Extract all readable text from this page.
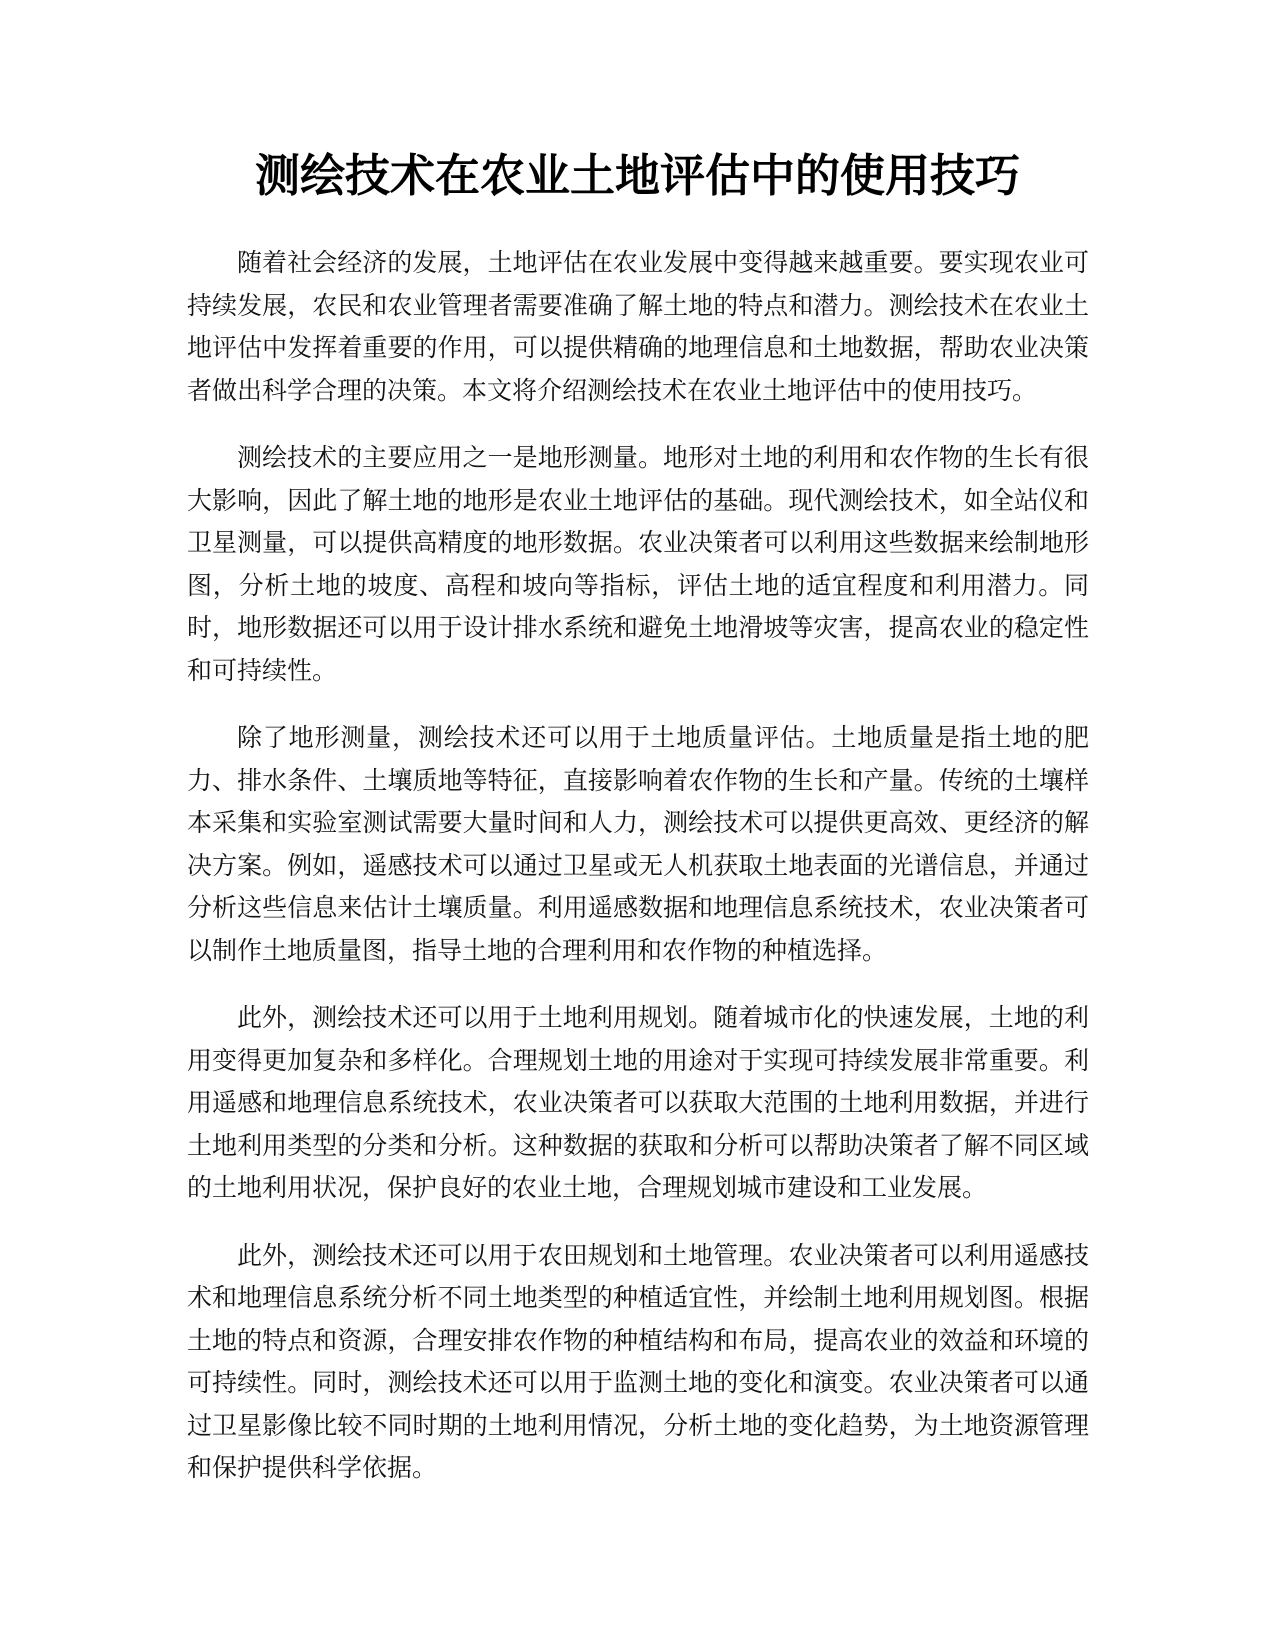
测绘技术在农业土地评估中的使用技巧

随着社会经济的发展，土地评估在农业发展中变得越来越重要。要实现农业可持续发展，农民和农业管理者需要准确了解土地的特点和潜力。测绘技术在农业土地评估中发挥着重要的作用，可以提供精确的地理信息和土地数据，帮助农业决策者做出科学合理的决策。本文将介绍测绘技术在农业土地评估中的使用技巧。

测绘技术的主要应用之一是地形测量。地形对土地的利用和农作物的生长有很大影响，因此了解土地的地形是农业土地评估的基础。现代测绘技术，如全站仪和卫星测量，可以提供高精度的地形数据。农业决策者可以利用这些数据来绘制地形图，分析土地的坡度、高程和坡向等指标，评估土地的适宜程度和利用潜力。同时，地形数据还可以用于设计排水系统和避免土地滑坡等灾害，提高农业的稳定性和可持续性。

除了地形测量，测绘技术还可以用于土地质量评估。土地质量是指土地的肥力、排水条件、土壤质地等特征，直接影响着农作物的生长和产量。传统的土壤样本采集和实验室测试需要大量时间和人力，测绘技术可以提供更高效、更经济的解决方案。例如，遥感技术可以通过卫星或无人机获取土地表面的光谱信息，并通过分析这些信息来估计土壤质量。利用遥感数据和地理信息系统技术，农业决策者可以制作土地质量图，指导土地的合理利用和农作物的种植选择。

此外，测绘技术还可以用于土地利用规划。随着城市化的快速发展，土地的利用变得更加复杂和多样化。合理规划土地的用途对于实现可持续发展非常重要。利用遥感和地理信息系统技术，农业决策者可以获取大范围的土地利用数据，并进行土地利用类型的分类和分析。这种数据的获取和分析可以帮助决策者了解不同区域的土地利用状况，保护良好的农业土地，合理规划城市建设和工业发展。

此外，测绘技术还可以用于农田规划和土地管理。农业决策者可以利用遥感技术和地理信息系统分析不同土地类型的种植适宜性，并绘制土地利用规划图。根据土地的特点和资源，合理安排农作物的种植结构和布局，提高农业的效益和环境的可持续性。同时，测绘技术还可以用于监测土地的变化和演变。农业决策者可以通过卫星影像比较不同时期的土地利用情况，分析土地的变化趋势，为土地资源管理和保护提供科学依据。
